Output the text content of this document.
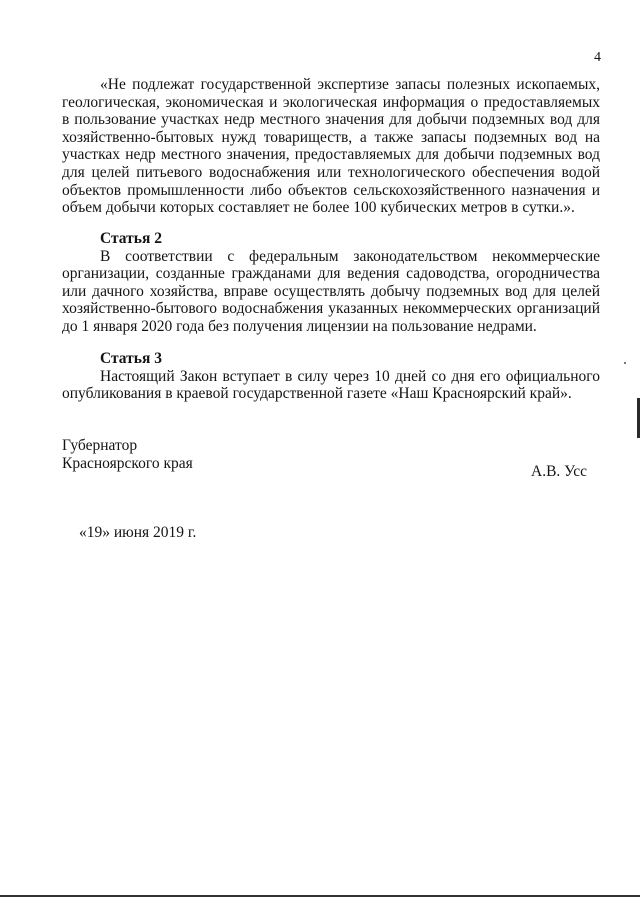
4

«Не подлежат государственной экспертизе запасы полезных ископаемых, геологическая, экономическая и экологическая информация о предоставляемых в пользование участках недр местного значения для добычи подземных вод для хозяйственно-бытовых нужд товариществ, а также запасы подземных вод на участках недр местного значения, предоставляемых для добычи подземных вод для целей питьевого водоснабжения или технологического обеспечения водой объектов промышленности либо объектов сельскохозяйственного назначения и объем добычи которых составляет не более 100 кубических метров в сутки.».

Статья 2

В соответствии с федеральным законодательством некоммерческие организации, созданные гражданами для ведения садоводства, огородничества или дачного хозяйства, вправе осуществлять добычу подземных вод для целей хозяйственно-бытового водоснабжения указанных некоммерческих организаций до 1 января 2020 года без получения лицензии на пользование недрами.

Статья 3

Настоящий Закон вступает в силу через 10 дней со дня его официального опубликования в краевой государственной газете «Наш Красноярский край».

Губернатор
Красноярского края	А.В. Усс
«19» июня 2019 г.
